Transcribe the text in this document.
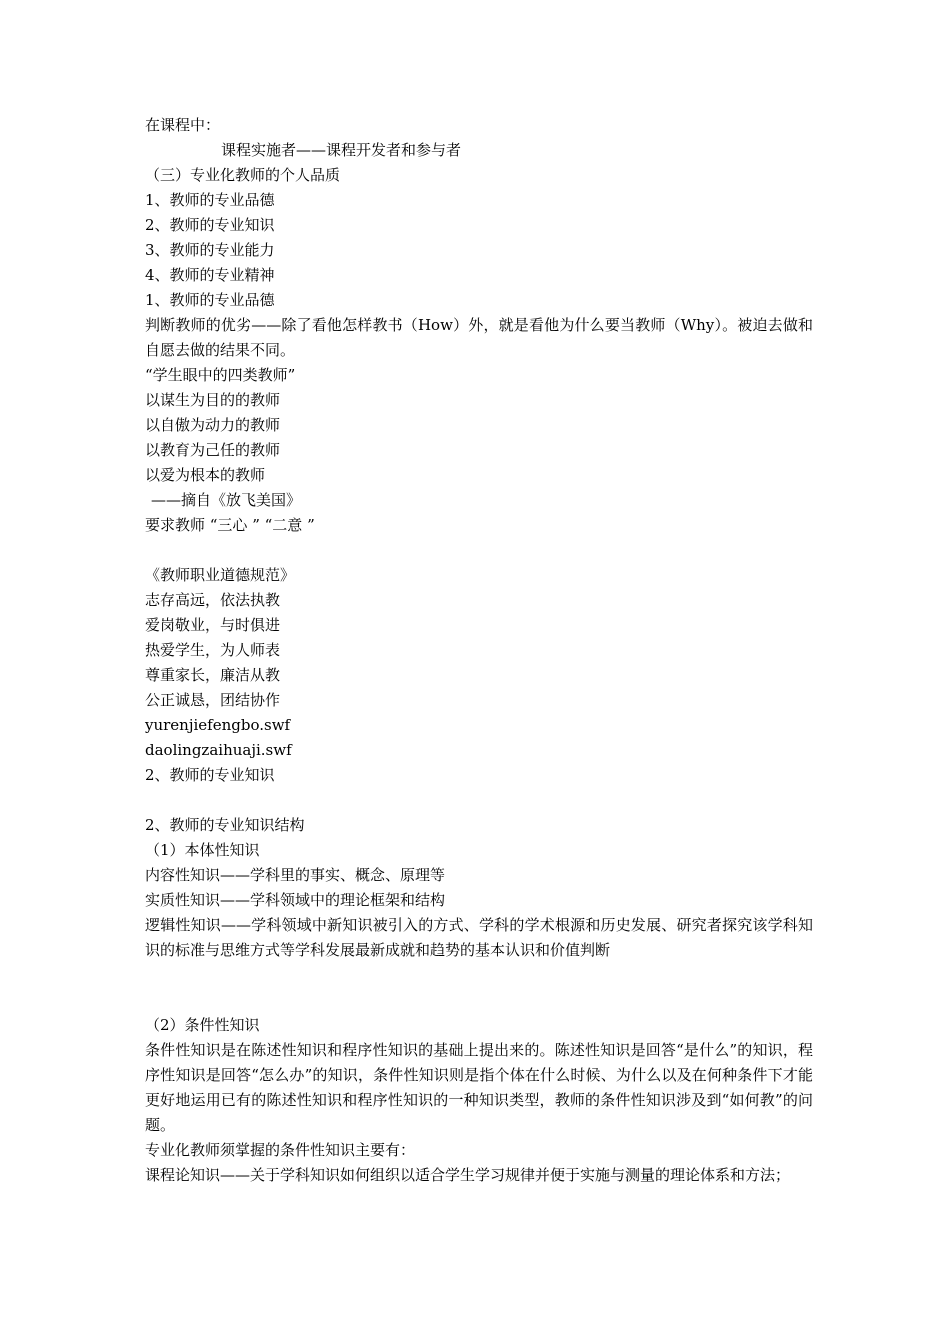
在课程中：
课程实施者——课程开发者和参与者
（三）专业化教师的个人品质
1、教师的专业品德
2、教师的专业知识
3、教师的专业能力
4、教师的专业精神
1、教师的专业品德
判断教师的优劣——除了看他怎样教书（How）外，就是看他为什么要当教师（Why）。被迫去做和自愿去做的结果不同。
“学生眼中的四类教师”
以谋生为目的的教师
以自傲为动力的教师
以教育为己任的教师
以爱为根本的教师
——摘自《放飞美国》
要求教师 “三心 ” “二意 ”
《教师职业道德规范》
志存高远，依法执教
爱岗敬业，与时俱进
热爱学生，为人师表
尊重家长，廉洁从教
公正诚恳，团结协作
yurenjiefengbo.swf
daolingzaihuaji.swf
2、教师的专业知识
2、教师的专业知识结构
（1）本体性知识
内容性知识——学科里的事实、概念、原理等
实质性知识——学科领域中的理论框架和结构
逻辑性知识——学科领域中新知识被引入的方式、学科的学术根源和历史发展、研究者探究该学科知识的标准与思维方式等学科发展最新成就和趋势的基本认识和价值判断
（2）条件性知识
条件性知识是在陈述性知识和程序性知识的基础上提出来的。陈述性知识是回答“是什么”的知识，程序性知识是回答“怎么办”的知识，条件性知识则是指个体在什么时候、为什么以及在何种条件下才能更好地运用已有的陈述性知识和程序性知识的一种知识类型，教师的条件性知识涉及到“如何教”的问题。
专业化教师须掌握的条件性知识主要有：
课程论知识——关于学科知识如何组织以适合学生学习规律并便于实施与测量的理论体系和方法；
